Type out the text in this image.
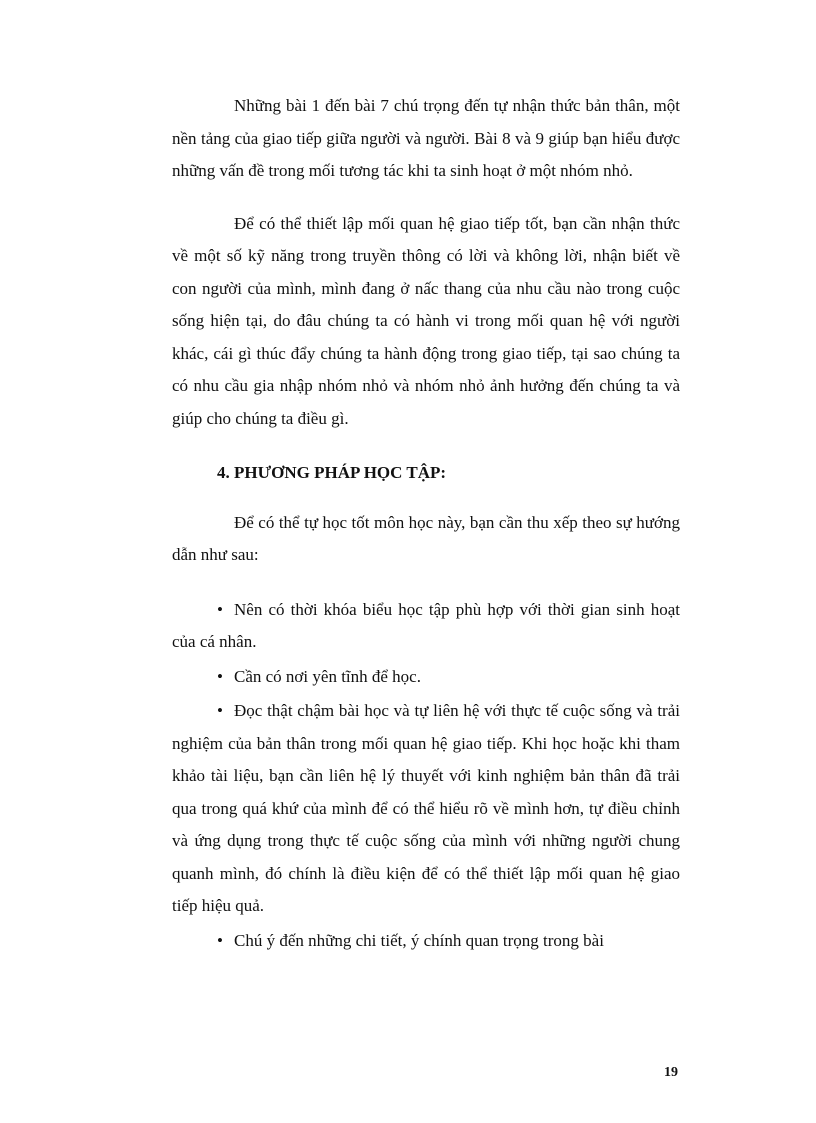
Những bài 1 đến bài 7 chú trọng đến tự nhận thức bản thân, một nền tảng của giao tiếp giữa người và người. Bài 8 và 9 giúp bạn hiểu được những vấn đề trong mối tương tác khi ta sinh hoạt ở một nhóm nhỏ.

Để có thể thiết lập mối quan hệ giao tiếp tốt, bạn cần nhận thức về một số kỹ năng trong truyền thông có lời và không lời, nhận biết về con người của mình, mình đang ở nấc thang của nhu cầu nào trong cuộc sống hiện tại, do đâu chúng ta có hành vi trong mối quan hệ với người khác, cái gì thúc đẩy chúng ta hành động trong giao tiếp, tại sao chúng ta có nhu cầu gia nhập nhóm nhỏ và nhóm nhỏ ảnh hưởng đến chúng ta và giúp cho chúng ta điều gì.

4. PHƯƠNG PHÁP HỌC TẬP:

Để có thể tự học tốt môn học này, bạn cần thu xếp theo sự hướng dẫn như sau:

• Nên có thời khóa biểu học tập phù hợp với thời gian sinh hoạt của cá nhân.
• Cần có nơi yên tĩnh để học.
• Đọc thật chậm bài học và tự liên hệ với thực tế cuộc sống và trải nghiệm của bản thân trong mối quan hệ giao tiếp. Khi học hoặc khi tham khảo tài liệu, bạn cần liên hệ lý thuyết với kinh nghiệm bản thân đã trải qua trong quá khứ của mình để có thể hiểu rõ về mình hơn, tự điều chỉnh và ứng dụng trong thực tế cuộc sống của mình với những người chung quanh mình, đó chính là điều kiện để có thể thiết lập mối quan hệ giao tiếp hiệu quả.
• Chú ý đến những chi tiết, ý chính quan trọng trong bài
19
